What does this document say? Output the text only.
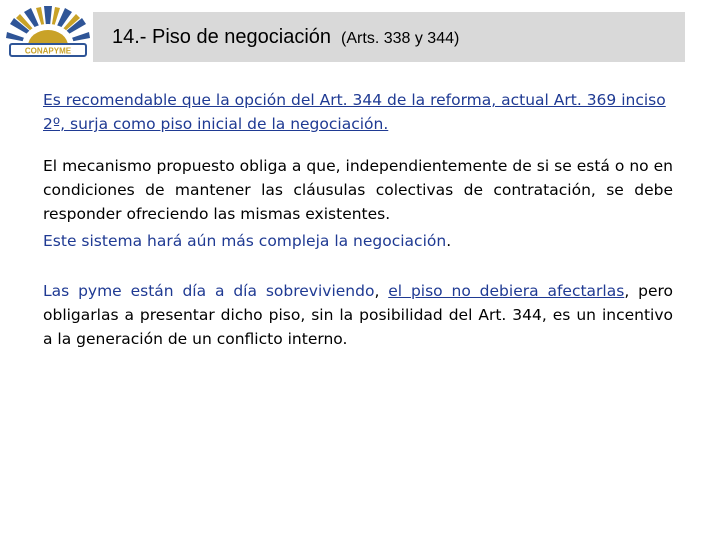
CONAPYME
14.- Piso de negociación (Arts. 338 y 344)

Es recomendable que la opción del Art. 344 de la reforma, actual Art. 369 inciso 2º, surja como piso inicial de la negociación.

El mecanismo propuesto obliga a que, independientemente de si se está o no en condiciones de mantener las cláusulas colectivas de contratación, se debe responder ofreciendo las mismas existentes.

Este sistema hará aún más compleja la negociación.

Las pyme están día a día sobreviviendo, el piso no debiera afectarlas, pero obligarlas a presentar dicho piso, sin la posibilidad del Art. 344, es un incentivo a la generación de un conflicto interno.
